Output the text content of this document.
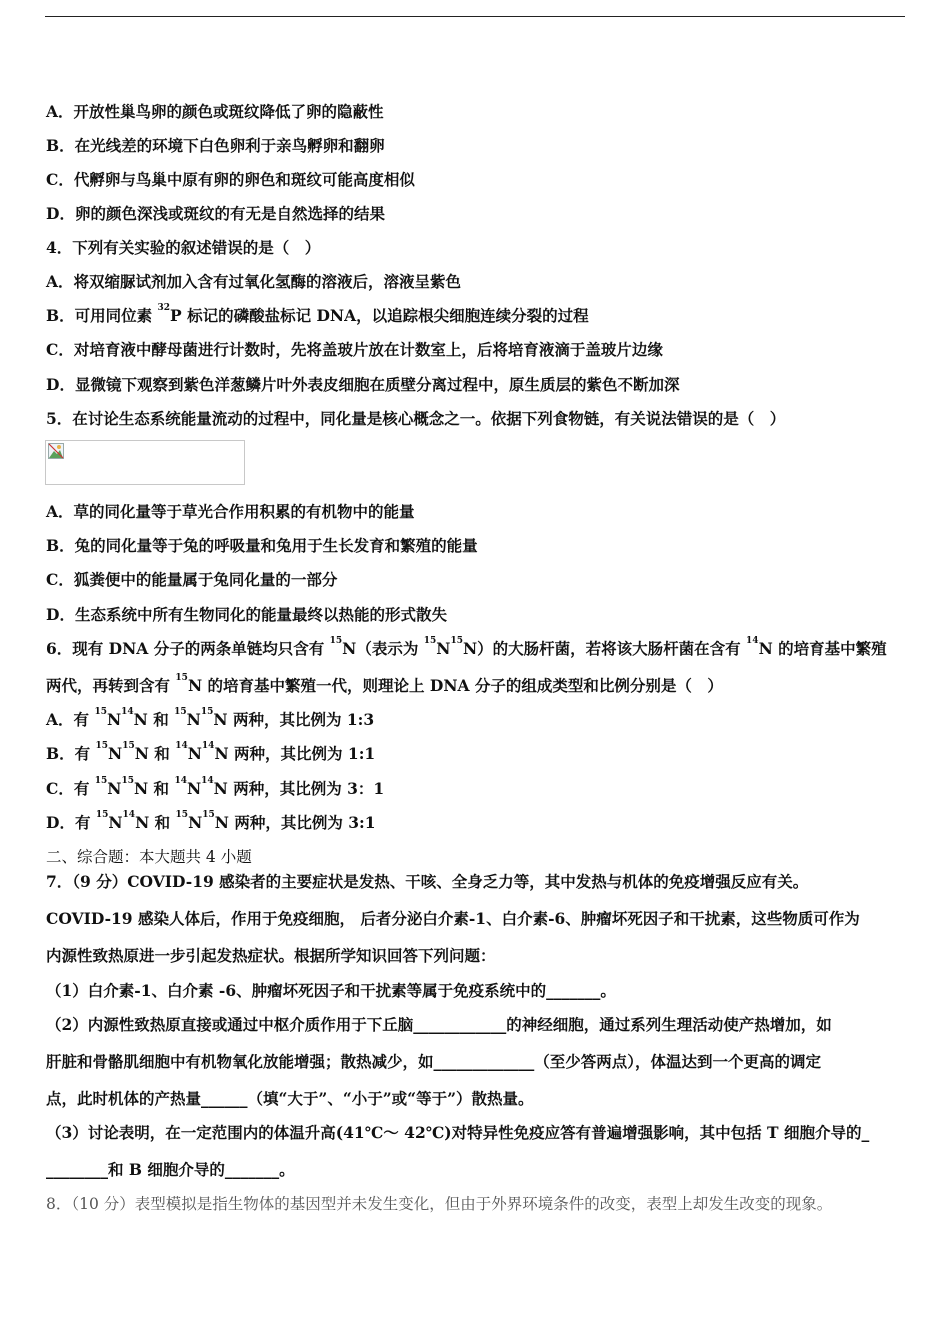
A．开放性巢鸟卵的颜色或斑纹降低了卵的隐蔽性
B．在光线差的环境下白色卵利于亲鸟孵卵和翻卵
C．代孵卵与鸟巢中原有卵的卵色和斑纹可能高度相似
D．卵的颜色深浅或斑纹的有无是自然选择的结果
4．下列有关实验的叙述错误的是（　）
A．将双缩脲试剂加入含有过氧化氢酶的溶液后，溶液呈紫色
B．可用同位素 $^{32}$P 标记的磷酸盐标记 DNA，以追踪根尖细胞连续分裂的过程
C．对培育液中酵母菌进行计数时，先将盖玻片放在计数室上，后将培育液滴于盖玻片边缘
D．显微镜下观察到紫色洋葱鳞片叶外表皮细胞在质壁分离过程中，原生质层的紫色不断加深
5．在讨论生态系统能量流动的过程中，同化量是核心概念之一。依据下列食物链，有关说法错误的是（　）
A．草的同化量等于草光合作用积累的有机物中的能量
B．兔的同化量等于兔的呼吸量和兔用于生长发育和繁殖的能量
C．狐粪便中的能量属于兔同化量的一部分
D．生态系统中所有生物同化的能量最终以热能的形式散失
6．现有 DNA 分子的两条单链均只含有 $^{15}$N（表示为 $^{15}N^{15}N$）的大肠杆菌，若将该大肠杆菌在含有 $^{14}$N 的培育基中繁殖
两代，再转到含有 $^{15}$N 的培育基中繁殖一代，则理论上 DNA 分子的组成类型和比例分别是（　）
A．有 $^{15}N^{14}N$ 和 $^{15}N^{15}N$ 两种，其比例为 1:3
B．有 $^{15}N^{15}N$ 和 $^{14}N^{14}N$ 两种，其比例为 1:1
C．有 $^{15}N^{15}N$ 和 $^{14}N^{14}N$ 两种，其比例为 3：1
D．有 $^{15}N^{14}N$ 和 $^{15}N^{15}N$ 两种，其比例为 3:1
二、综合题：本大题共 4 小题
7．（9 分）COVID-19 感染者的主要症状是发热、干咳、全身乏力等，其中发热与机体的免疫增强反应有关。
COVID-19 感染人体后，作用于免疫细胞， 后者分泌白介素-1、白介素-6、肿瘤坏死因子和干扰素，这些物质可作为
内源性致热原进一步引起发热症状。根据所学知识回答下列问题：
（1）白介素-1、白介素 -6、肿瘤坏死因子和干扰素等属于免疫系统中的_______。
（2）内源性致热原直接或通过中枢介质作用于下丘脑____________的神经细胞，通过系列生理活动使产热增加，如
肝脏和骨骼肌细胞中有机物氧化放能增强；散热减少，如_____________（至少答两点），体温达到一个更高的调定
点，此时机体的产热量______（填“大于”、“小于”或“等于”）散热量。
（3）讨论表明，在一定范围内的体温升高(41℃～ 42℃)对特异性免疫应答有普遍增强影响，其中包括 T 细胞介导的_
________和 B 细胞介导的_______。
8．（10 分）表型模拟是指生物体的基因型并未发生变化，但由于外界环境条件的改变，表型上却发生改变的现象。
